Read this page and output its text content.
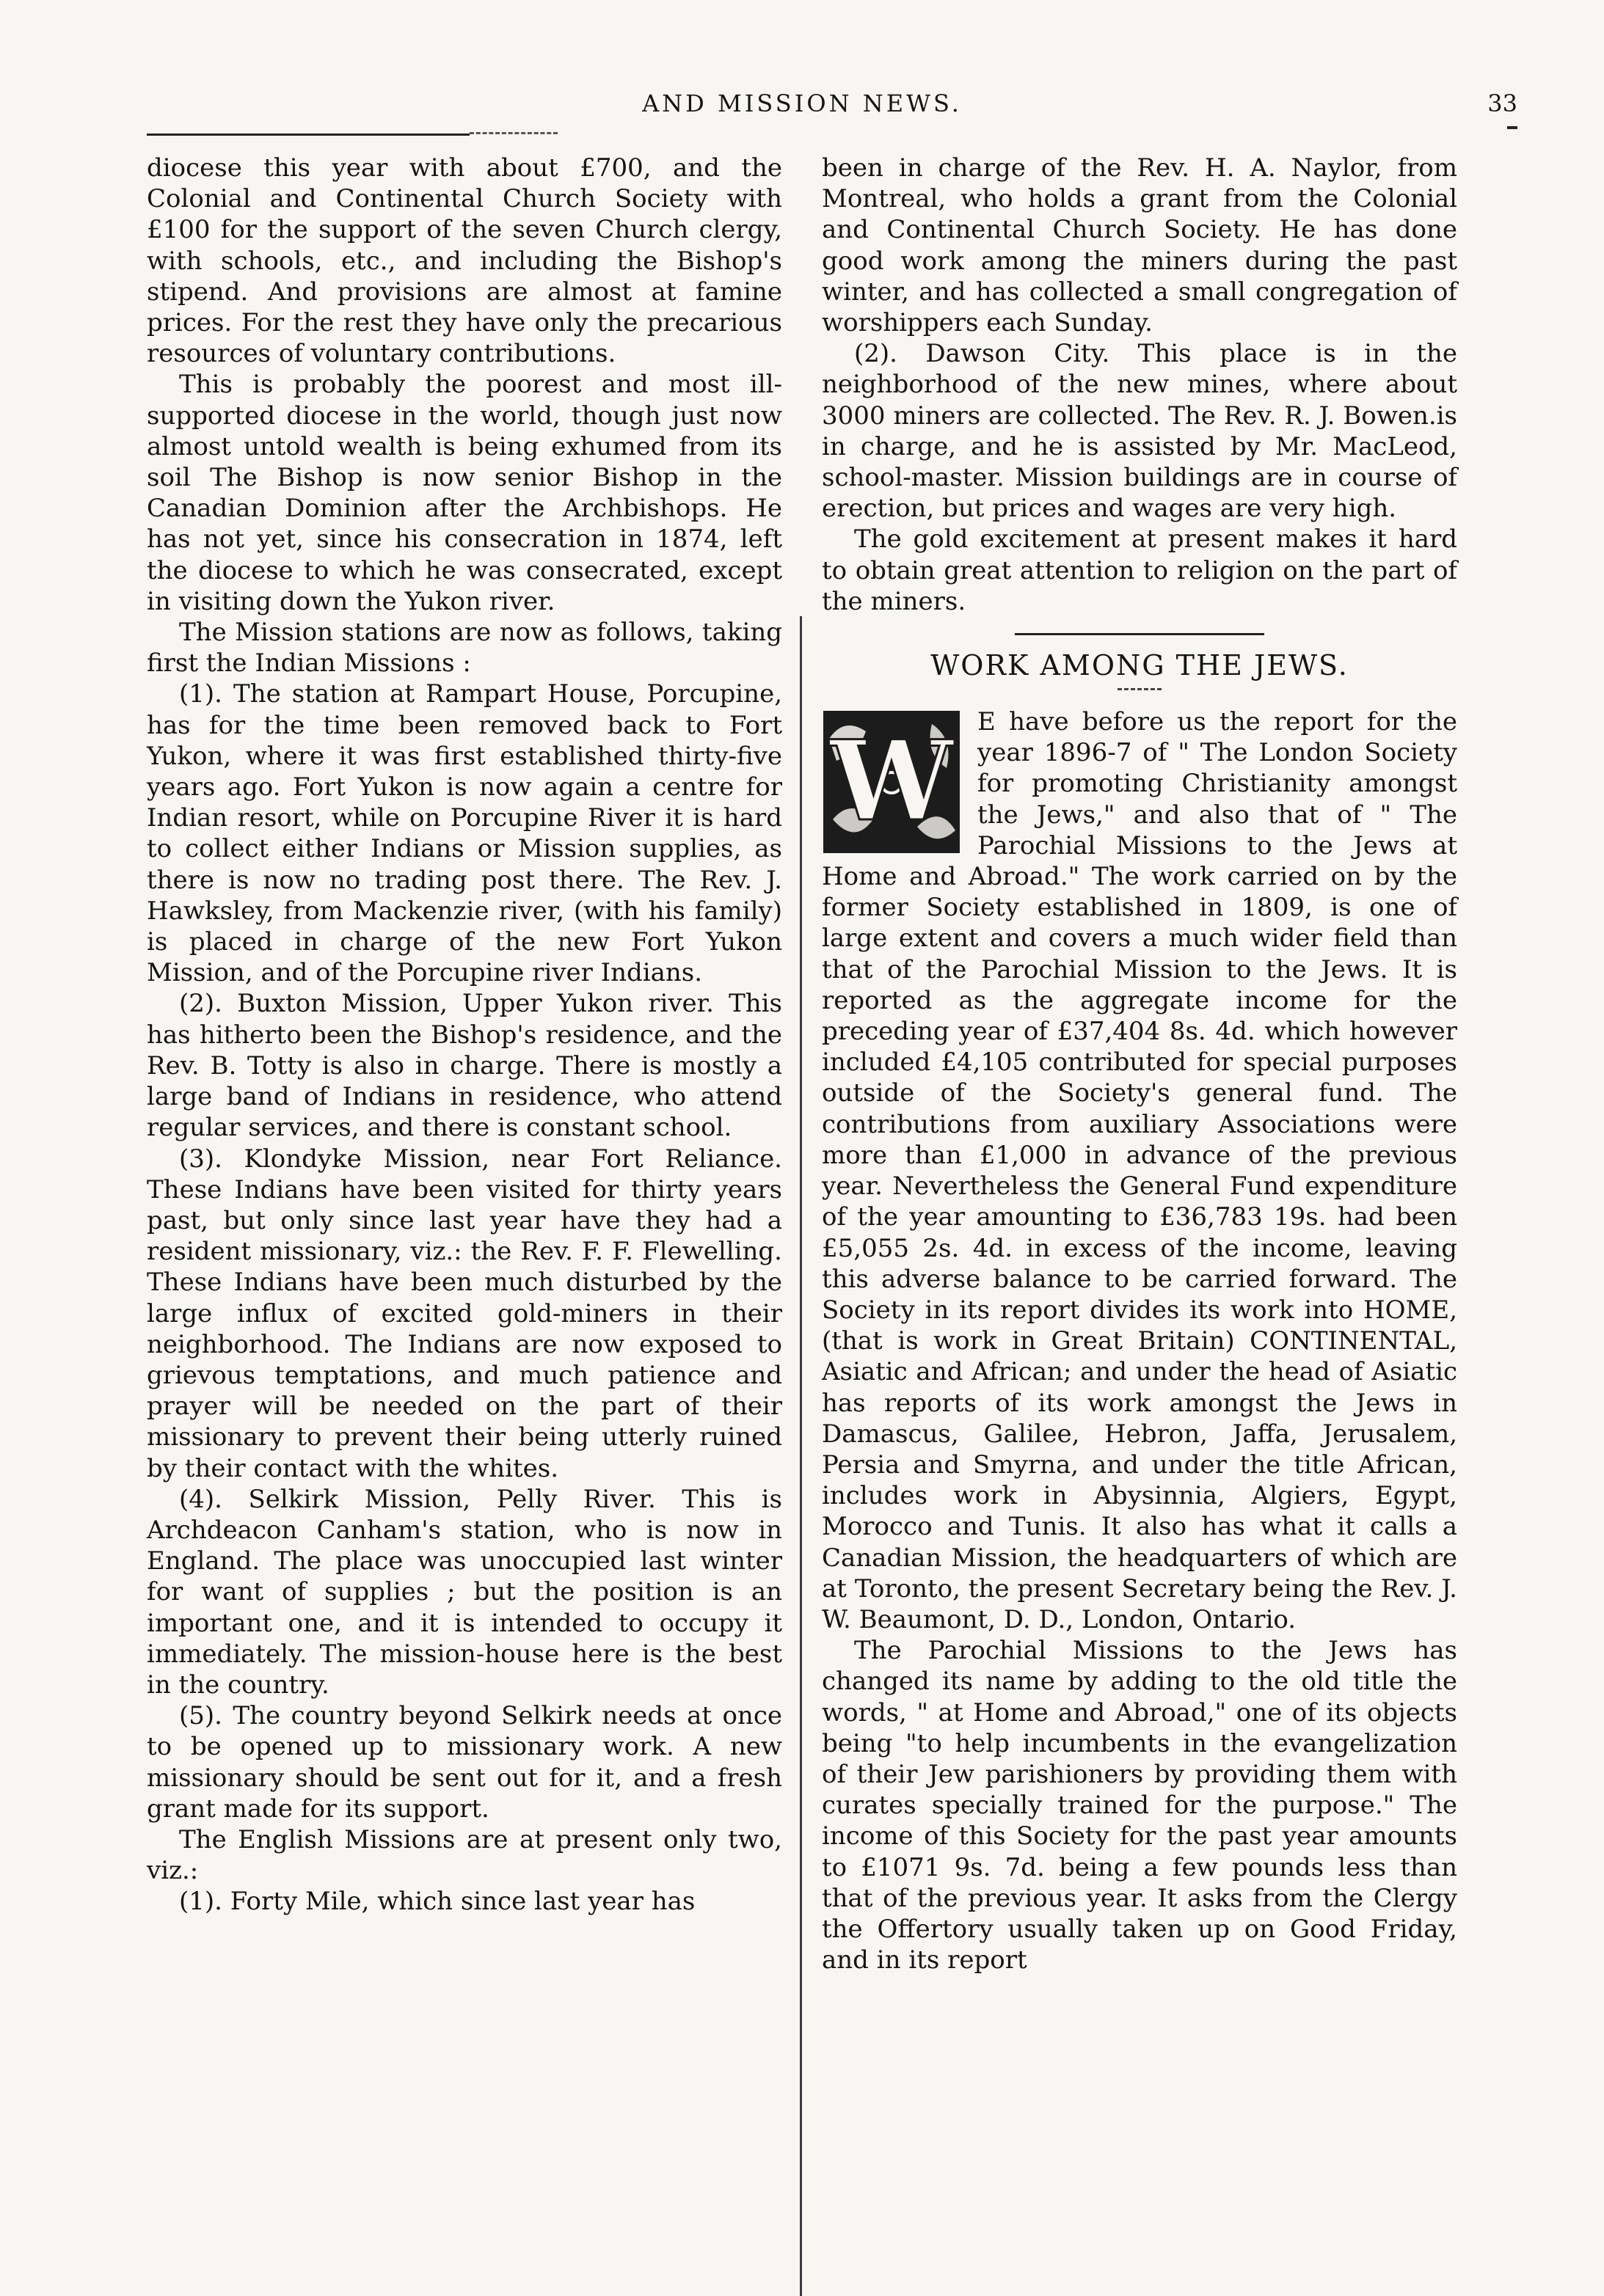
AND MISSION NEWS.	33

diocese this year with about £700, and the Colonial and Continental Church Society with £100 for the support of the seven Church clergy, with schools, etc., and including the Bishop's stipend. And provisions are almost at famine prices. For the rest they have only the precarious resources of voluntary contributions.

This is probably the poorest and most ill-supported diocese in the world, though just now almost untold wealth is being exhumed from its soil The Bishop is now senior Bishop in the Canadian Dominion after the Archbishops. He has not yet, since his consecration in 1874, left the diocese to which he was consecrated, except in visiting down the Yukon river.

The Mission stations are now as follows, taking first the Indian Missions :

(1). The station at Rampart House, Porcupine, has for the time been removed back to Fort Yukon, where it was first established thirty-five years ago. Fort Yukon is now again a centre for Indian resort, while on Porcupine River it is hard to collect either Indians or Mission supplies, as there is now no trading post there. The Rev. J. Hawksley, from Mackenzie river, (with his family) is placed in charge of the new Fort Yukon Mission, and of the Porcupine river Indians.

(2). Buxton Mission, Upper Yukon river. This has hitherto been the Bishop's residence, and the Rev. B. Totty is also in charge. There is mostly a large band of Indians in residence, who attend regular services, and there is constant school.

(3). Klondyke Mission, near Fort Reliance. These Indians have been visited for thirty years past, but only since last year have they had a resident missionary, viz.: the Rev. F. F. Flewelling. These Indians have been much disturbed by the large influx of excited gold-miners in their neighborhood. The Indians are now exposed to grievous temptations, and much patience and prayer will be needed on the part of their missionary to prevent their being utterly ruined by their contact with the whites.

(4). Selkirk Mission, Pelly River. This is Archdeacon Canham's station, who is now in England. The place was unoccupied last winter for want of supplies ; but the position is an important one, and it is intended to occupy it immediately. The mission-house here is the best in the country.

(5). The country beyond Selkirk needs at once to be opened up to missionary work. A new missionary should be sent out for it, and a fresh grant made for its support.

The English Missions are at present only two, viz.:

(1). Forty Mile, which since last year has

been in charge of the Rev. H. A. Naylor, from Montreal, who holds a grant from the Colonial and Continental Church Society. He has done good work among the miners during the past winter, and has collected a small congregation of worshippers each Sunday.

(2). Dawson City. This place is in the neighborhood of the new mines, where about 3000 miners are collected. The Rev. R. J. Bowen.is in charge, and he is assisted by Mr. MacLeod, school-master. Mission buildings are in course of erection, but prices and wages are very high.

The gold excitement at present makes it hard to obtain great attention to religion on the part of the miners.

WORK AMONG THE JEWS.
W E have before us the report for the year 1896-7 of " The London Society for promoting Christianity amongst the Jews," and also that of " The Parochial Missions to the Jews at Home and Abroad." The work carried on by the former Society established in 1809, is one of large extent and covers a much wider field than that of the Parochial Mission to the Jews. It is reported as the aggregate income for the preceding year of £37,404 8s. 4d. which however included £4,105 contributed for special purposes outside of the Society's general fund. The contributions from auxiliary Associations were more than £1,000 in advance of the previous year. Nevertheless the General Fund expenditure of the year amounting to £36,783 19s. had been £5,055 2s. 4d. in excess of the income, leaving this adverse balance to be carried forward. The Society in its report divides its work into HOME, (that is work in Great Britain) CONTINENTAL, Asiatic and African; and under the head of Asiatic has reports of its work amongst the Jews in Damascus, Galilee, Hebron, Jaffa, Jerusalem, Persia and Smyrna, and under the title African, includes work in Abysinnia, Algiers, Egypt, Morocco and Tunis. It also has what it calls a Canadian Mission, the headquarters of which are at Toronto, the present Secretary being the Rev. J. W. Beaumont, D. D., London, Ontario.

The Parochial Missions to the Jews has changed its name by adding to the old title the words, " at Home and Abroad," one of its objects being "to help incumbents in the evangelization of their Jew parishioners by providing them with curates specially trained for the purpose." The income of this Society for the past year amounts to £1071 9s. 7d. being a few pounds less than that of the previous year. It asks from the Clergy the Offertory usually taken up on Good Friday, and in its report
